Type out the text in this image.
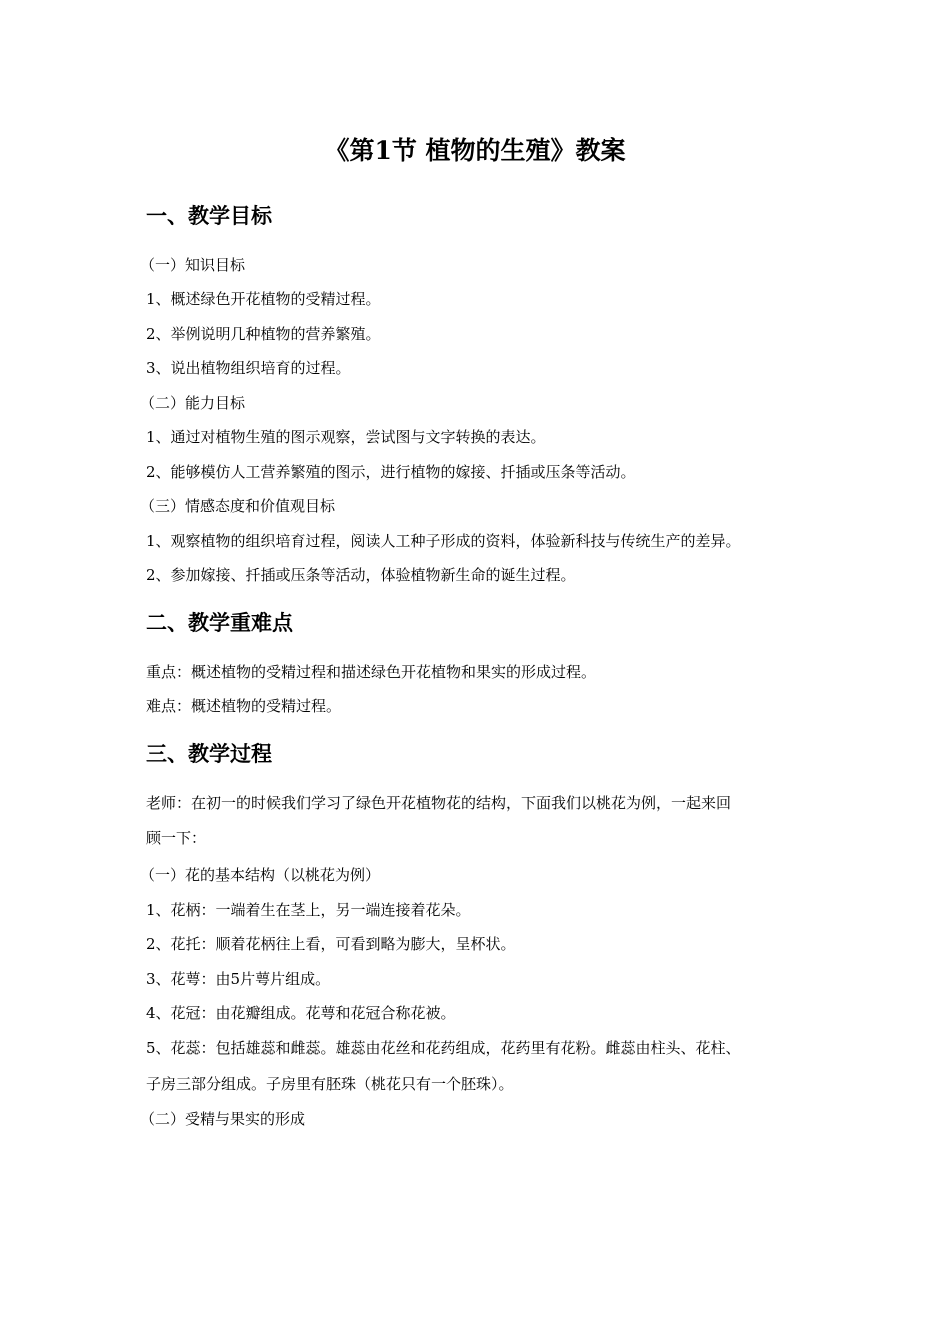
《第1节 植物的生殖》教案
一、教学目标
（一）知识目标
1、概述绿色开花植物的受精过程。
2、举例说明几种植物的营养繁殖。
3、说出植物组织培育的过程。
（二）能力目标
1、通过对植物生殖的图示观察，尝试图与文字转换的表达。
2、能够模仿人工营养繁殖的图示，进行植物的嫁接、扦插或压条等活动。
（三）情感态度和价值观目标
1、观察植物的组织培育过程，阅读人工种子形成的资料，体验新科技与传统生产的差异。
2、参加嫁接、扦插或压条等活动，体验植物新生命的诞生过程。
二、教学重难点
重点：概述植物的受精过程和描述绿色开花植物和果实的形成过程。
难点：概述植物的受精过程。
三、教学过程
老师：在初一的时候我们学习了绿色开花植物花的结构，下面我们以桃花为例，一起来回
顾一下：
（一）花的基本结构（以桃花为例）
1、花柄：一端着生在茎上，另一端连接着花朵。
2、花托：顺着花柄往上看，可看到略为膨大，呈杯状。
3、花萼：由5片萼片组成。
4、花冠：由花瓣组成。花萼和花冠合称花被。
5、花蕊：包括雄蕊和雌蕊。雄蕊由花丝和花药组成，花药里有花粉。雌蕊由柱头、花柱、
子房三部分组成。子房里有胚珠（桃花只有一个胚珠）。
（二）受精与果实的形成
